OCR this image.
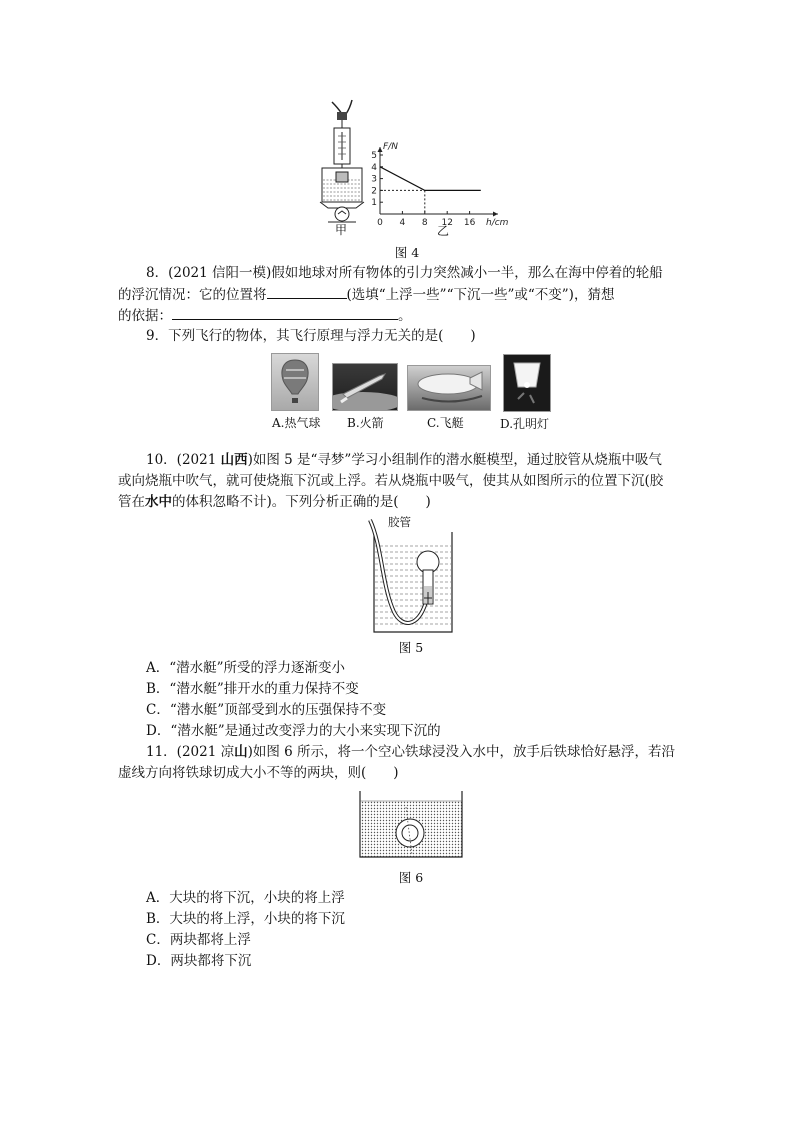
甲
1
2
3
4
5
0 4 8 12 16
F/N
h/cm
乙
图 4
8．(2021 信阳一模)假如地球对所有物体的引力突然减小一半，那么在海中停着的轮船
的浮沉情况：它的位置将	(选填“上浮一些”“下沉一些”或“不变”)，猜想
的依据：	。
9．下列飞行的物体，其飞行原理与浮力无关的是(　　)
A.热气球 B.火箭	C.飞艇	D.孔明灯
10．(2021 山西)如图 5 是“寻梦”学习小组制作的潜水艇模型，通过胶管从烧瓶中吸气
或向烧瓶中吹气，就可使烧瓶下沉或上浮。若从烧瓶中吸气，使其从如图所示的位置下沉(胶
管在水中的体积忽略不计)。下列分析正确的是(　　)
胶管
图 5
A．“潜水艇”所受的浮力逐渐变小
B．“潜水艇”排开水的重力保持不变
C．“潜水艇”顶部受到水的压强保持不变
D．“潜水艇”是通过改变浮力的大小来实现下沉的
11．(2021 凉山)如图 6 所示，将一个空心铁球浸没入水中，放手后铁球恰好悬浮，若沿
虚线方向将铁球切成大小不等的两块，则(　　)
图 6
A．大块的将下沉，小块的将上浮
B．大块的将上浮，小块的将下沉
C．两块都将上浮
D．两块都将下沉
